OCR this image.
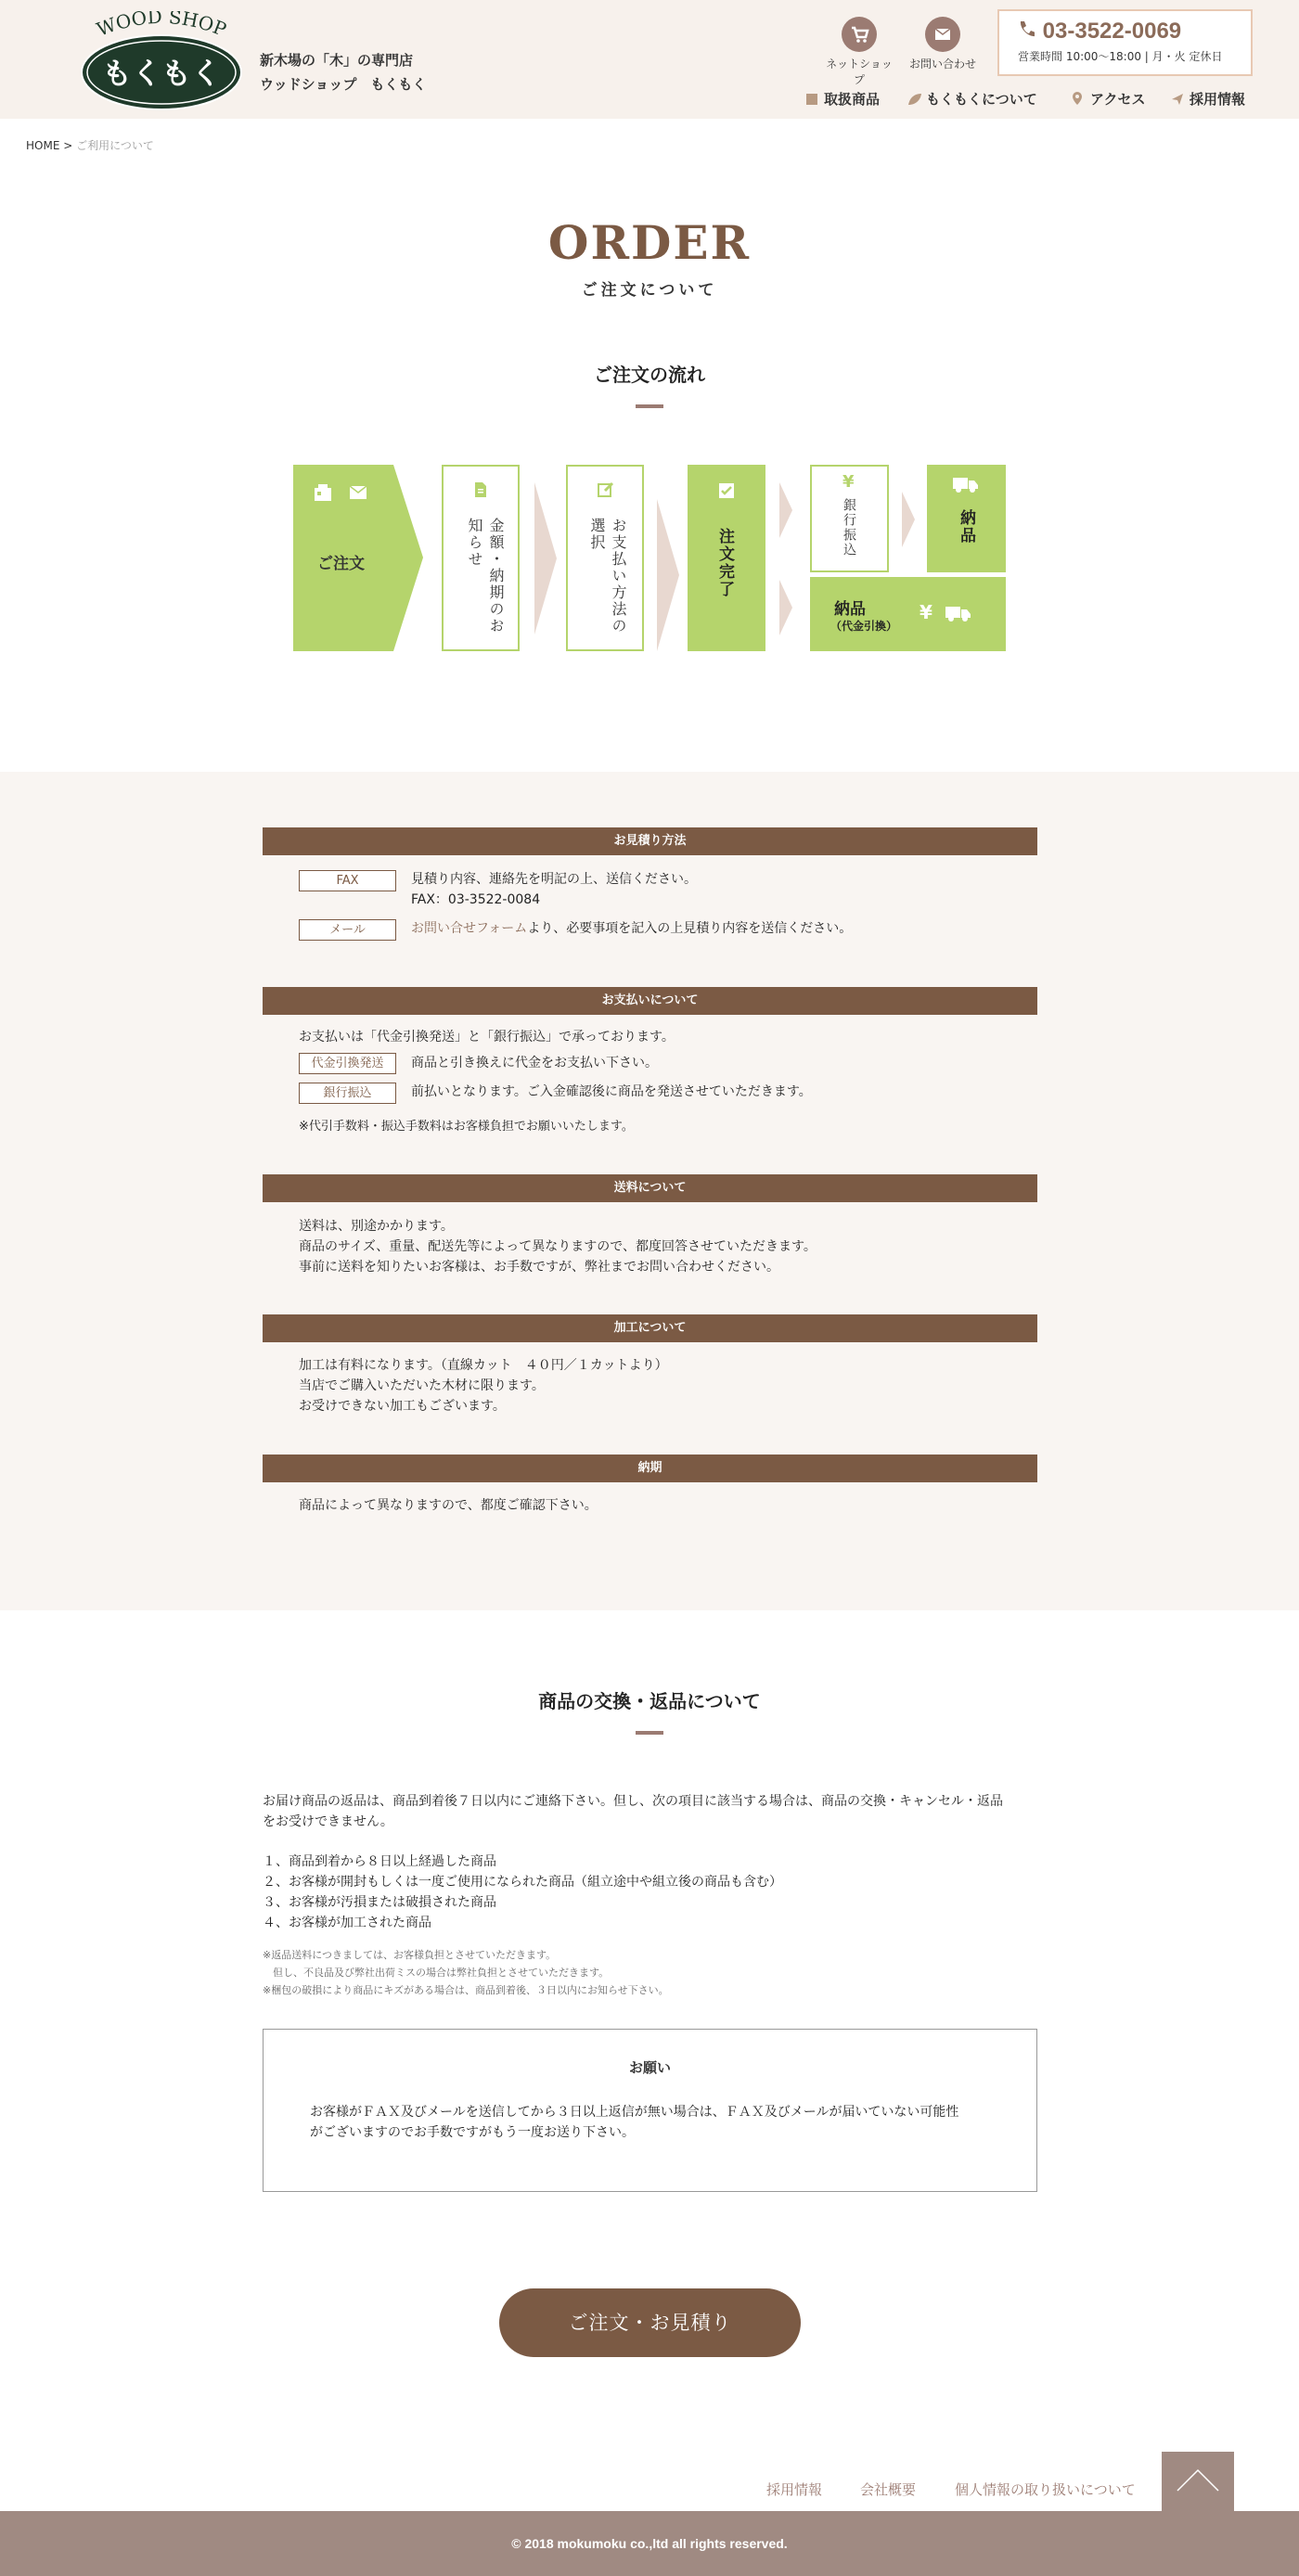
WOOD SHOP
もくもく	新木場の「木」の専門店
ウッドショップ　もくもく
ネットショップ
お問い合わせ
03-3522-0069
営業時間 10:00〜18:00 | 月・火 定休日
取扱商品	もくもくについて	アクセス	採用情報
HOME > ご利用について
ORDER
ご注文について
ご注文の流れ
ご注文	金額・納期のお知らせ	お支払い方法の選択	注文完了
¥
銀行振込	納品
納品
（代金引換）
¥
お見積り方法
FAX	見積り内容、連絡先を明記の上、送信ください。
FAX：03-3522-0084
メール	お問い合せフォームより、必要事項を記入の上見積り内容を送信ください。
お支払いについて
お支払いは「代金引換発送」と「銀行振込」で承っております。
代金引換発送	商品と引き換えに代金をお支払い下さい。
銀行振込	前払いとなります。ご入金確認後に商品を発送させていただきます。
※代引手数料・振込手数料はお客様負担でお願いいたします。
送料について
送料は、別途かかります。
商品のサイズ、重量、配送先等によって異なりますので、都度回答させていただきます。
事前に送料を知りたいお客様は、お手数ですが、弊社までお問い合わせください。
加工について
加工は有料になります。（直線カット　４０円／１カットより）
当店でご購入いただいた木材に限ります。
お受けできない加工もございます。
納期
商品によって異なりますので、都度ご確認下さい。
商品の交換・返品について
お届け商品の返品は、商品到着後７日以内にご連絡下さい。但し、次の項目に該当する場合は、商品の交換・キャンセル・返品
をお受けできません。
１、商品到着から８日以上経過した商品
２、お客様が開封もしくは一度ご使用になられた商品（組立途中や組立後の商品も含む）
３、お客様が汚損または破損された商品
４、お客様が加工された商品
※返品送料につきましては、お客様負担とさせていただきます。
　但し、不良品及び弊社出荷ミスの場合は弊社負担とさせていただきます。
※梱包の破損により商品にキズがある場合は、商品到着後、３日以内にお知らせ下さい。
お願い
お客様がＦＡＸ及びメールを送信してから３日以上返信が無い場合は、ＦＡＸ及びメールが届いていない可能性
がございますのでお手数ですがもう一度お送り下さい。
ご注文・お見積り
採用情報	会社概要	個人情報の取り扱いについて
© 2018 mokumoku co.,ltd all rights reserved.
